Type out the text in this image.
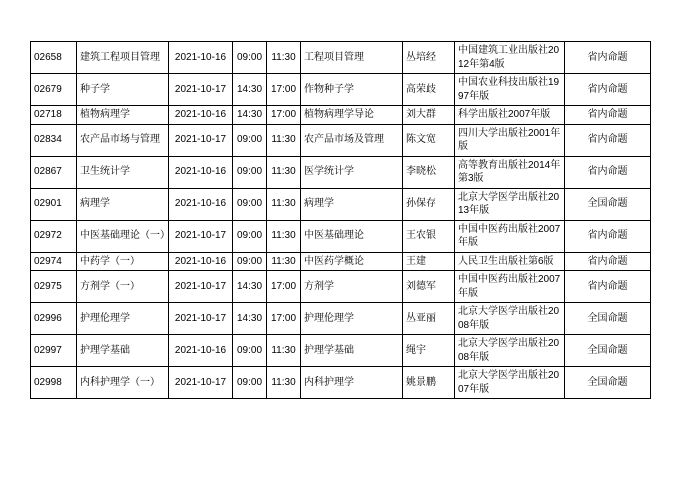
02658	建筑工程项目管理	2021-10-16	09:00	11:30	工程项目管理	丛培经	中国建筑工业出版社2012年第4版	省内命题
02679	种子学	2021-10-17	14:30	17:00	作物种子学	高荣歧	中国农业科技出版社1997年版	省内命题
02718	植物病理学	2021-10-16	14:30	17:00	植物病理学导论	刘大群	科学出版社2007年版	省内命题
02834	农产品市场与管理	2021-10-17	09:00	11:30	农产品市场及管理	陈文宽	四川大学出版社2001年版	省内命题
02867	卫生统计学	2021-10-16	09:00	11:30	医学统计学	李晓松	高等教育出版社2014年第3版	省内命题
02901	病理学	2021-10-16	09:00	11:30	病理学	孙保存	北京大学医学出版社2013年版	全国命题
02972	中医基础理论（一）	2021-10-17	09:00	11:30	中医基础理论	王农银	中国中医药出版社2007年版	省内命题
02974	中药学（一）	2021-10-16	09:00	11:30	中医药学概论	王建	人民卫生出版社第6版	省内命题
02975	方剂学（一）	2021-10-17	14:30	17:00	方剂学	刘德军	中国中医药出版社2007年版	省内命题
02996	护理伦理学	2021-10-17	14:30	17:00	护理伦理学	丛亚丽	北京大学医学出版社2008年版	全国命题
02997	护理学基础	2021-10-16	09:00	11:30	护理学基础	绳宇	北京大学医学出版社2008年版	全国命题
02998	内科护理学（一）	2021-10-17	09:00	11:30	内科护理学	姚景鹏	北京大学医学出版社2007年版	全国命题
